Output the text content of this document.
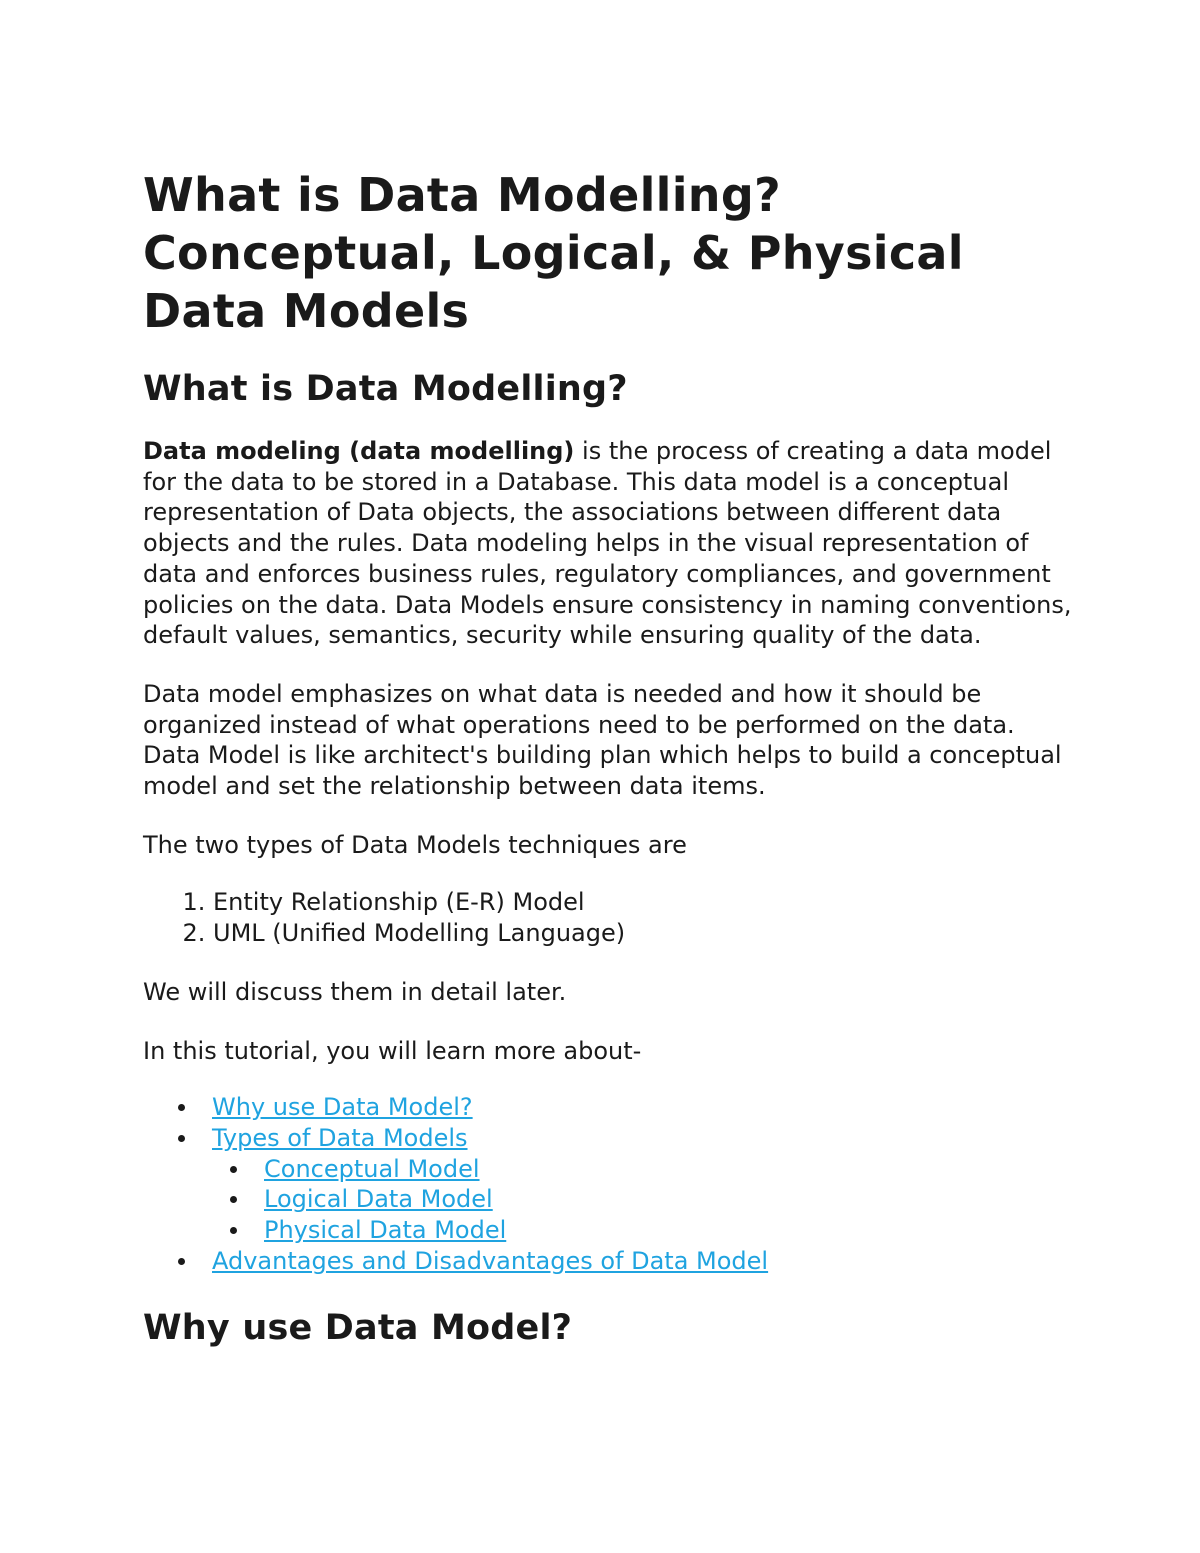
What is Data Modelling? Conceptual, Logical, & Physical Data Models
What is Data Modelling?

Data modeling (data modelling) is the process of creating a data model for the data to be stored in a Database. This data model is a conceptual representation of Data objects, the associations between different data objects and the rules. Data modeling helps in the visual representation of data and enforces business rules, regulatory compliances, and government policies on the data. Data Models ensure consistency in naming conventions, default values, semantics, security while ensuring quality of the data.

Data model emphasizes on what data is needed and how it should be organized instead of what operations need to be performed on the data. Data Model is like architect's building plan which helps to build a conceptual model and set the relationship between data items.

The two types of Data Models techniques are

1. Entity Relationship (E-R) Model
2. UML (Unified Modelling Language)

We will discuss them in detail later.

In this tutorial, you will learn more about-

Why use Data Model?
Types of Data Models
Conceptual Model
Logical Data Model
Physical Data Model
Advantages and Disadvantages of Data Model
Why use Data Model?
